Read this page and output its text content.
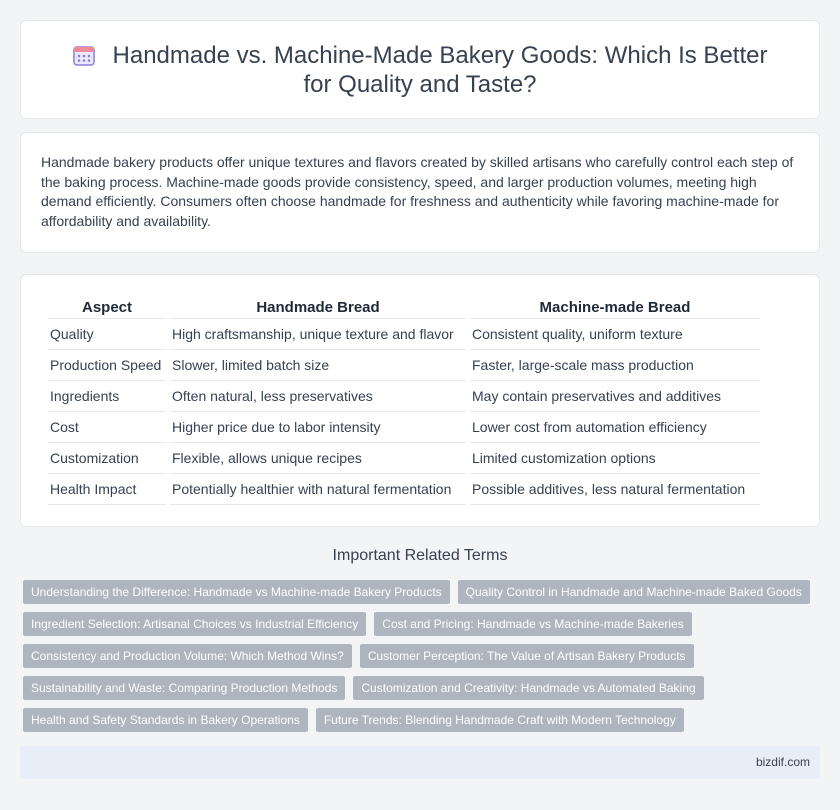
Handmade vs. Machine-Made Bakery Goods: Which Is Better for Quality and Taste?

Handmade bakery products offer unique textures and flavors created by skilled artisans who carefully control each step of the baking process. Machine-made goods provide consistency, speed, and larger production volumes, meeting high demand efficiently. Consumers often choose handmade for freshness and authenticity while favoring machine-made for affordability and availability.

Aspect	Handmade Bread	Machine-made Bread
Quality	High craftsmanship, unique texture and flavor	Consistent quality, uniform texture
Production Speed	Slower, limited batch size	Faster, large-scale mass production
Ingredients	Often natural, less preservatives	May contain preservatives and additives
Cost	Higher price due to labor intensity	Lower cost from automation efficiency
Customization	Flexible, allows unique recipes	Limited customization options
Health Impact	Potentially healthier with natural fermentation	Possible additives, less natural fermentation
Important Related Terms
Understanding the Difference: Handmade vs Machine-made Bakery Products	Quality Control in Handmade and Machine-made Baked Goods
Ingredient Selection: Artisanal Choices vs Industrial Efficiency	Cost and Pricing: Handmade vs Machine-made Bakeries
Consistency and Production Volume: Which Method Wins?	Customer Perception: The Value of Artisan Bakery Products
Sustainability and Waste: Comparing Production Methods	Customization and Creativity: Handmade vs Automated Baking
Health and Safety Standards in Bakery Operations	Future Trends: Blending Handmade Craft with Modern Technology
bizdif.com
